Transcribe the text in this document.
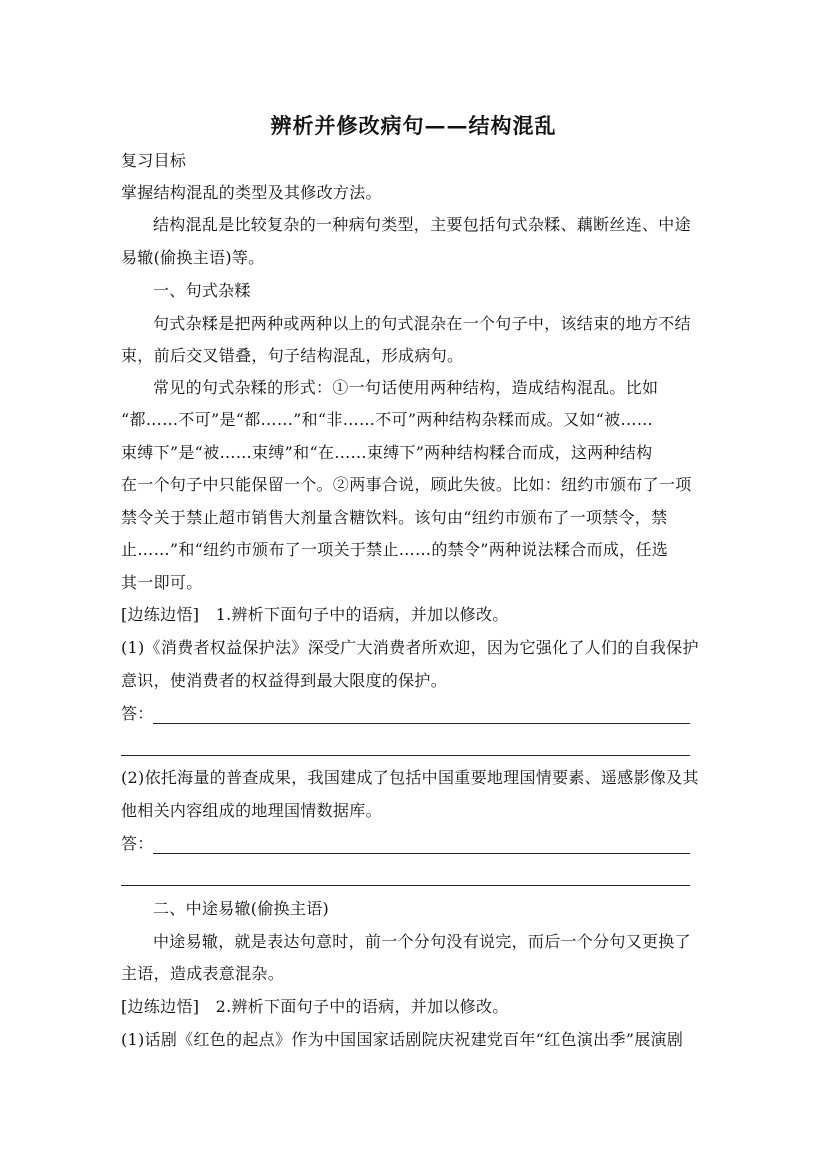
辨析并修改病句——结构混乱
复习目标
掌握结构混乱的类型及其修改方法。
结构混乱是比较复杂的一种病句类型，主要包括句式杂糅、藕断丝连、中途
易辙(偷换主语)等。
一、句式杂糅
句式杂糅是把两种或两种以上的句式混杂在一个句子中，该结束的地方不结
束，前后交叉错叠，句子结构混乱，形成病句。
常见的句式杂糅的形式：①一句话使用两种结构，造成结构混乱。比如
“都……不可”是“都……”和“非……不可”两种结构杂糅而成。又如“被……
束缚下”是“被……束缚”和“在……束缚下”两种结构糅合而成，这两种结构
在一个句子中只能保留一个。②两事合说，顾此失彼。比如：纽约市颁布了一项
禁令关于禁止超市销售大剂量含糖饮料。该句由“纽约市颁布了一项禁令，禁
止……”和“纽约市颁布了一项关于禁止……的禁令”两种说法糅合而成，任选
其一即可。
[边练边悟]　1.辨析下面句子中的语病，并加以修改。
(1)《消费者权益保护法》深受广大消费者所欢迎，因为它强化了人们的自我保护
意识，使消费者的权益得到最大限度的保护。
答：
(2)依托海量的普查成果，我国建成了包括中国重要地理国情要素、遥感影像及其
他相关内容组成的地理国情数据库。
答：
二、中途易辙(偷换主语)
中途易辙，就是表达句意时，前一个分句没有说完，而后一个分句又更换了
主语，造成表意混杂。
[边练边悟]　2.辨析下面句子中的语病，并加以修改。
(1)话剧《红色的起点》作为中国国家话剧院庆祝建党百年“红色演出季”展演剧
